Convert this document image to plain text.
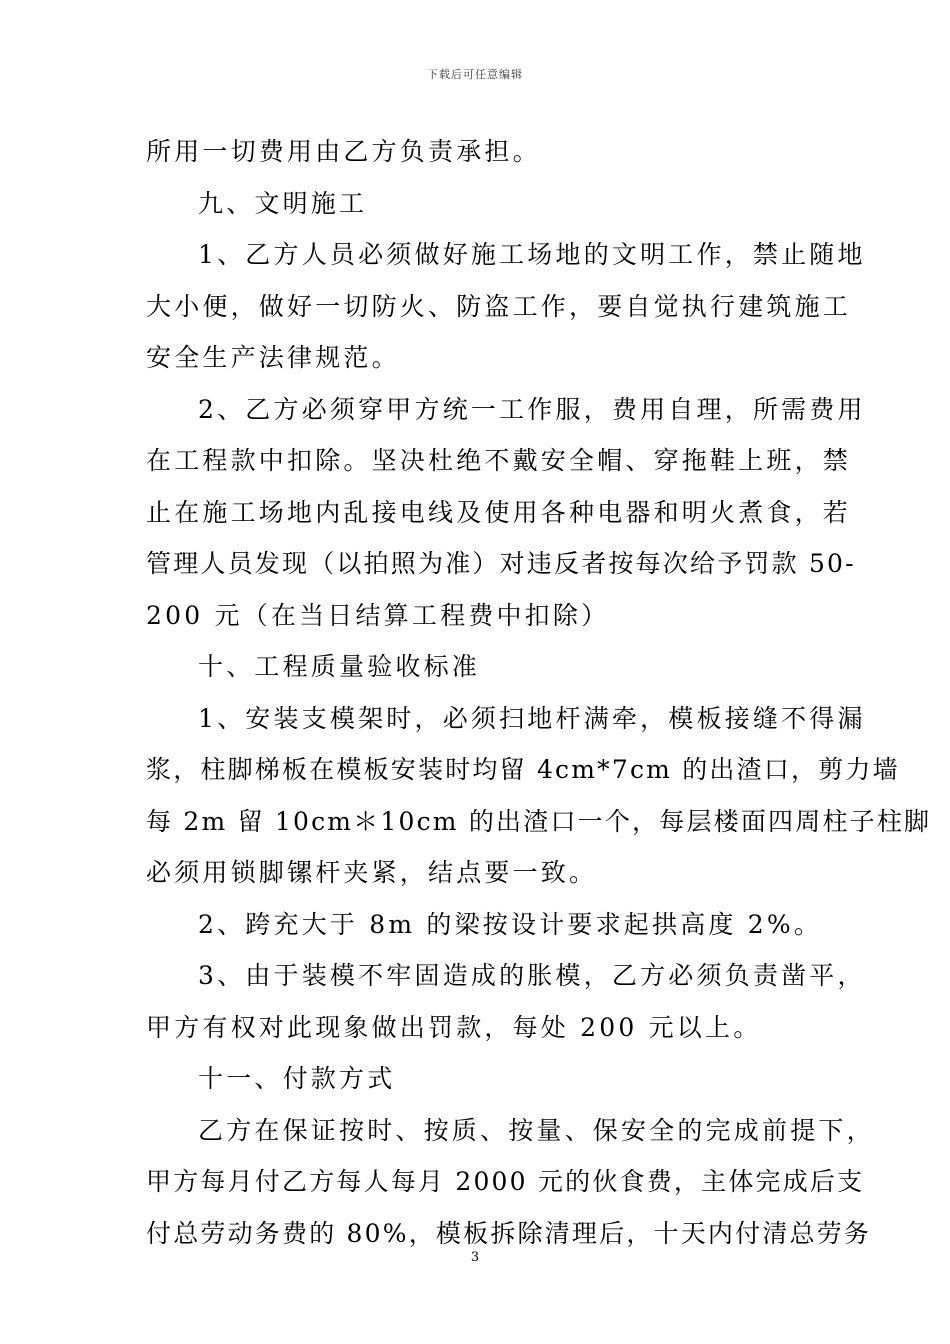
下载后可任意编辑
所用一切费用由乙方负责承担。
九、文明施工
1、乙方人员必须做好施工场地的文明工作，禁止随地
大小便，做好一切防火、防盗工作，要自觉执行建筑施工
安全生产法律规范。
2、乙方必须穿甲方统一工作服，费用自理，所需费用
在工程款中扣除。坚决杜绝不戴安全帽、穿拖鞋上班，禁
止在施工场地内乱接电线及使用各种电器和明火煮食，若
管理人员发现（以拍照为准）对违反者按每次给予罚款 50-
200 元（在当日结算工程费中扣除）
十、工程质量验收标准
1、安装支模架时，必须扫地杆满牵，模板接缝不得漏
浆，柱脚梯板在模板安装时均留 4cm*7cm 的出渣口，剪力墙
每 2m 留 10cm＊10cm 的出渣口一个，每层楼面四周柱子柱脚
必须用锁脚镙杆夹紧，结点要一致。
2、跨充大于 8m 的梁按设计要求起拱高度 2%。
3、由于装模不牢固造成的胀模，乙方必须负责凿平，
甲方有权对此现象做出罚款，每处 200 元以上。
十一、付款方式
乙方在保证按时、按质、按量、保安全的完成前提下，
甲方每月付乙方每人每月 2000 元的伙食费，主体完成后支
付总劳动务费的 80%，模板拆除清理后，十天内付清总劳务
3
